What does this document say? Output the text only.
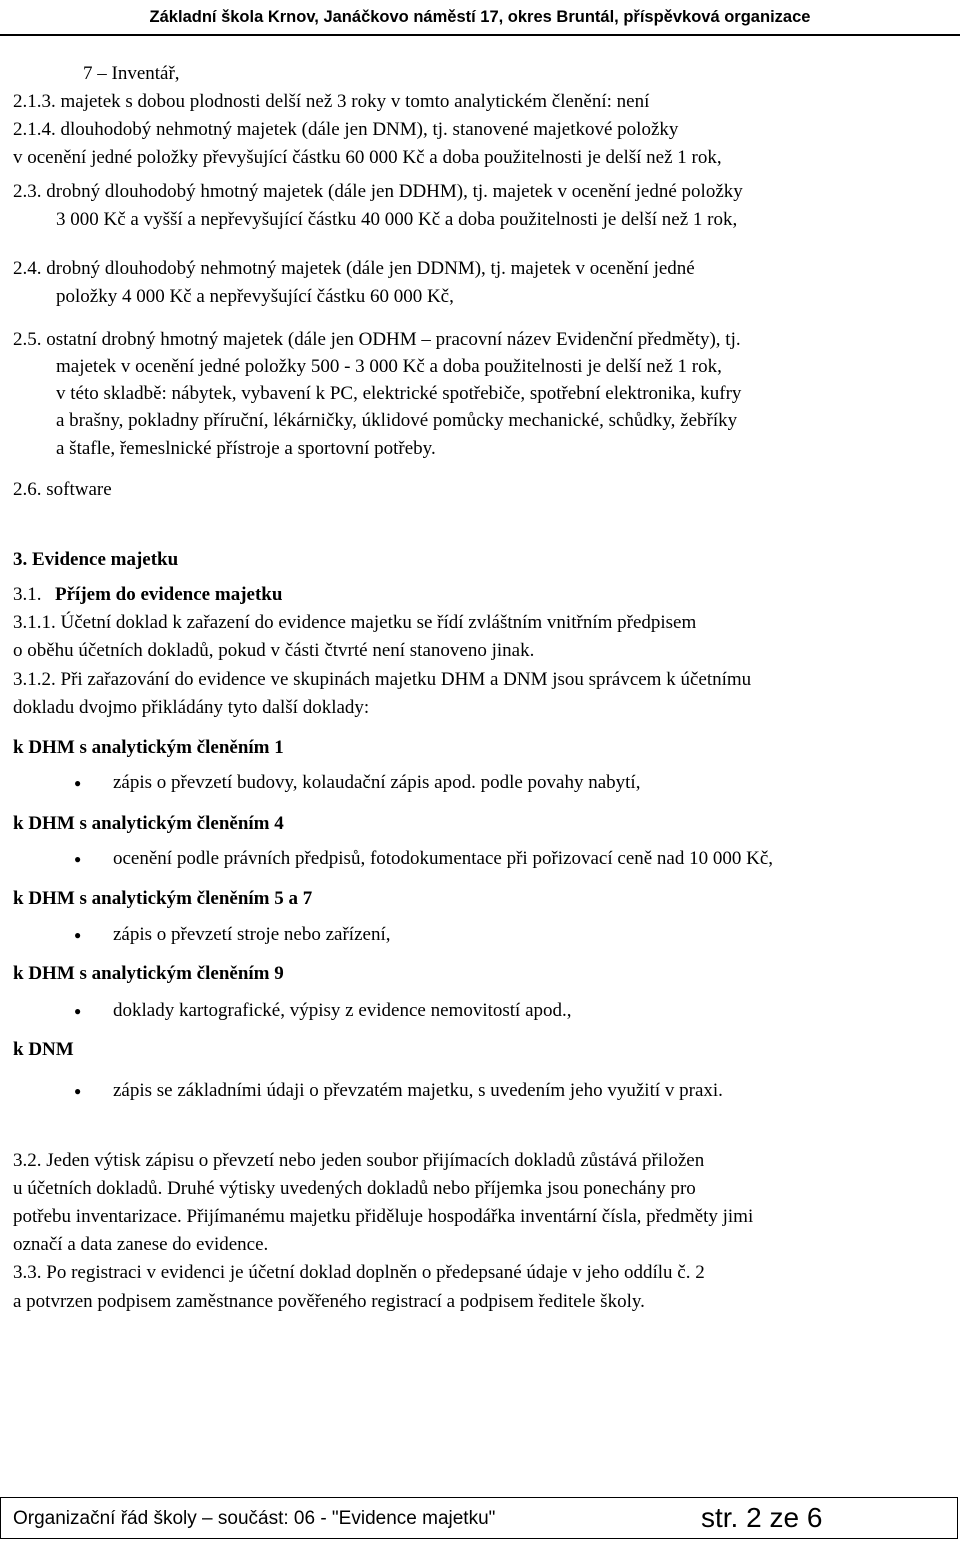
Základní škola Krnov, Janáčkovo náměstí 17, okres Bruntál, příspěvková organizace
7 – Inventář,
2.1.3. majetek s dobou plodnosti delší než 3 roky v tomto analytickém členění: není
2.1.4. dlouhodobý nehmotný majetek (dále jen DNM), tj. stanovené majetkové položky
v ocenění jedné položky převyšující částku 60 000 Kč a doba použitelnosti je delší než 1 rok,
2.3. drobný dlouhodobý hmotný majetek (dále jen DDHM), tj. majetek v ocenění jedné položky
3 000 Kč a vyšší a nepřevyšující částku 40 000 Kč a doba použitelnosti je delší než 1 rok,
2.4. drobný dlouhodobý nehmotný majetek (dále jen DDNM), tj. majetek v ocenění jedné
položky 4 000 Kč a nepřevyšující částku 60 000 Kč,
2.5. ostatní drobný hmotný majetek (dále jen ODHM – pracovní název Evidenční předměty), tj.
majetek v ocenění jedné položky 500 - 3 000 Kč a doba použitelnosti je delší než 1 rok,
v této skladbě: nábytek, vybavení k PC, elektrické spotřebiče, spotřební elektronika, kufry
a brašny, pokladny příruční, lékárničky, úklidové pomůcky mechanické, schůdky, žebříky
a štafle, řemeslnické přístroje a sportovní potřeby.
2.6. software
3. Evidence majetku
3.1. Příjem do evidence majetku
3.1.1. Účetní doklad k zařazení do evidence majetku se řídí zvláštním vnitřním předpisem
o oběhu účetních dokladů, pokud v části čtvrté není stanoveno jinak.
3.1.2. Při zařazování do evidence ve skupinách majetku DHM a DNM jsou správcem k účetnímu
dokladu dvojmo přikládány tyto další doklady:
k DHM s analytickým členěním 1
● zápis o převzetí budovy, kolaudační zápis apod. podle povahy nabytí,
k DHM s analytickým členěním 4
● ocenění podle právních předpisů, fotodokumentace při pořizovací ceně nad 10 000 Kč,
k DHM s analytickým členěním 5 a 7
● zápis o převzetí stroje nebo zařízení,
k DHM s analytickým členěním 9
● doklady kartografické, výpisy z evidence nemovitostí apod.,
k DNM
● zápis se základními údaji o převzatém majetku, s uvedením jeho využití v praxi.
3.2. Jeden výtisk zápisu o převzetí nebo jeden soubor přijímacích dokladů zůstává přiložen
u účetních dokladů. Druhé výtisky uvedených dokladů nebo příjemka jsou ponechány pro
potřebu inventarizace. Přijímanému majetku přiděluje hospodářka inventární čísla, předměty jimi
označí a data zanese do evidence.
3.3. Po registraci v evidenci je účetní doklad doplněn o předepsané údaje v jeho oddílu č. 2
a potvrzen podpisem zaměstnance pověřeného registrací a podpisem ředitele školy.
Organizační řád školy – součást: 06 - "Evidence majetku"	str. 2 ze 6
